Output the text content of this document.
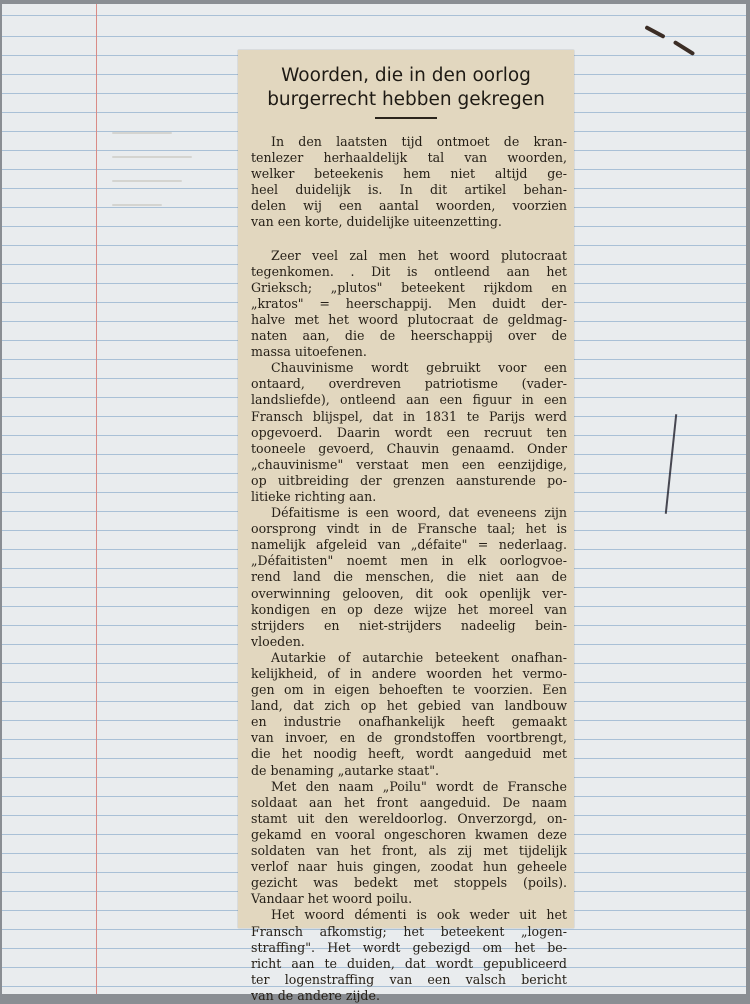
Woorden, die in den oorlog
burgerrecht hebben gekregen
In den laatsten tijd ontmoet de kran-
tenlezer herhaaldelijk tal van woorden,
welker beteekenis hem niet altijd ge-
heel duidelijk is. In dit artikel behan-
delen wij een aantal woorden, voorzien
van een korte, duidelijke uiteenzetting.
Zeer veel zal men het woord plutocraat
tegenkomen. . Dit is ontleend aan het
Grieksch; „plutos" beteekent rijkdom en
„kratos" = heerschappij. Men duidt der-
halve met het woord plutocraat de geldmag-
naten aan, die de heerschappij over de
massa uitoefenen.
Chauvinisme wordt gebruikt voor een
ontaard, overdreven patriotisme (vader-
landsliefde), ontleend aan een figuur in een
Fransch blijspel, dat in 1831 te Parijs werd
opgevoerd. Daarin wordt een recruut ten
tooneele gevoerd, Chauvin genaamd. Onder
„chauvinisme" verstaat men een eenzijdige,
op uitbreiding der grenzen aansturende po-
litieke richting aan.
Défaitisme is een woord, dat eveneens zijn
oorsprong vindt in de Fransche taal; het is
namelijk afgeleid van „défaite" = nederlaag.
„Défaitisten" noemt men in elk oorlogvoe-
rend land die menschen, die niet aan de
overwinning gelooven, dit ook openlijk ver-
kondigen en op deze wijze het moreel van
strijders en niet-strijders nadeelig bein-
vloeden.
Autarkie of autarchie beteekent onafhan-
kelijkheid, of in andere woorden het vermo-
gen om in eigen behoeften te voorzien. Een
land, dat zich op het gebied van landbouw
en industrie onafhankelijk heeft gemaakt
van invoer, en de grondstoffen voortbrengt,
die het noodig heeft, wordt aangeduid met
de benaming „autarke staat".
Met den naam „Poilu" wordt de Fransche
soldaat aan het front aangeduid. De naam
stamt uit den wereldoorlog. Onverzorgd, on-
gekamd en vooral ongeschoren kwamen deze
soldaten van het front, als zij met tijdelijk
verlof naar huis gingen, zoodat hun geheele
gezicht was bedekt met stoppels (poils).
Vandaar het woord poilu.
Het woord démenti is ook weder uit het
Fransch afkomstig; het beteekent „logen-
straffing". Het wordt gebezigd om het be-
richt aan te duiden, dat wordt gepubliceerd
ter logenstraffing van een valsch bericht
van de andere zijde.
